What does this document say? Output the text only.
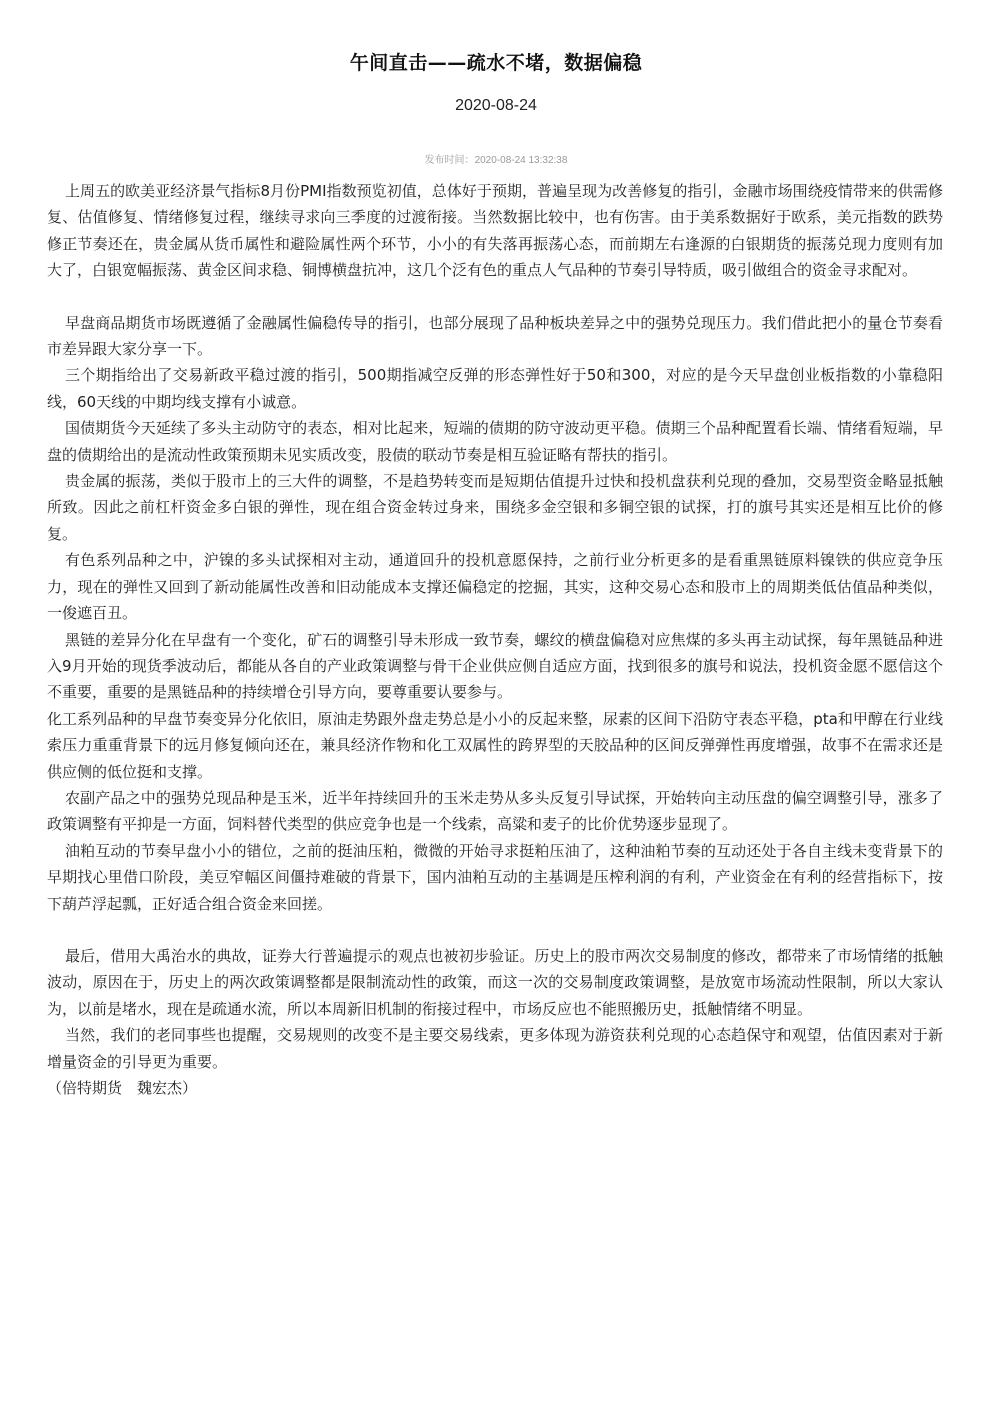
午间直击——疏水不堵，数据偏稳
2020-08-24
发布时间：2020-08-24 13:32:38

上周五的欧美亚经济景气指标8月份PMI指数预览初值，总体好于预期，普遍呈现为改善修复的指引，金融市场围绕疫情带来的供需修复、估值修复、情绪修复过程，继续寻求向三季度的过渡衔接。当然数据比较中，也有伤害。由于美系数据好于欧系，美元指数的跌势修正节奏还在，贵金属从货币属性和避险属性两个环节，小小的有失落再振荡心态，而前期左右逢源的白银期货的振荡兑现力度则有加大了，白银宽幅振荡、黄金区间求稳、铜博横盘抗冲，这几个泛有色的重点人气品种的节奏引导特质，吸引做组合的资金寻求配对。

早盘商品期货市场既遵循了金融属性偏稳传导的指引，也部分展现了品种板块差异之中的强势兑现压力。我们借此把小的量仓节奏看市差异跟大家分享一下。

三个期指给出了交易新政平稳过渡的指引，500期指减空反弹的形态弹性好于50和300，对应的是今天早盘创业板指数的小靠稳阳线，60天线的中期均线支撑有小诚意。

国债期货今天延续了多头主动防守的表态，相对比起来，短端的债期的防守波动更平稳。债期三个品种配置看长端、情绪看短端，早盘的债期给出的是流动性政策预期未见实质改变，股债的联动节奏是相互验证略有帮扶的指引。

贵金属的振荡，类似于股市上的三大件的调整，不是趋势转变而是短期估值提升过快和投机盘获利兑现的叠加，交易型资金略显抵触所致。因此之前杠杆资金多白银的弹性，现在组合资金转过身来，围绕多金空银和多铜空银的试探，打的旗号其实还是相互比价的修复。

有色系列品种之中，沪镍的多头试探相对主动，通道回升的投机意愿保持，之前行业分析更多的是看重黑链原料镍铁的供应竞争压力，现在的弹性又回到了新动能属性改善和旧动能成本支撑还偏稳定的挖掘，其实，这种交易心态和股市上的周期类低估值品种类似，一俊遮百丑。

黑链的差异分化在早盘有一个变化，矿石的调整引导未形成一致节奏，螺纹的横盘偏稳对应焦煤的多头再主动试探，每年黑链品种进入9月开始的现货季波动后，都能从各自的产业政策调整与骨干企业供应侧自适应方面，找到很多的旗号和说法，投机资金愿不愿信这个不重要，重要的是黑链品种的持续增仓引导方向，要尊重要认要参与。

化工系列品种的早盘节奏变异分化依旧，原油走势跟外盘走势总是小小的反起来整，尿素的区间下沿防守表态平稳，pta和甲醇在行业线索压力重重背景下的远月修复倾向还在，兼具经济作物和化工双属性的跨界型的天胶品种的区间反弹弹性再度增强，故事不在需求还是供应侧的低位挺和支撑。

农副产品之中的强势兑现品种是玉米，近半年持续回升的玉米走势从多头反复引导试探，开始转向主动压盘的偏空调整引导，涨多了政策调整有平抑是一方面，饲料替代类型的供应竞争也是一个线索，高粱和麦子的比价优势逐步显现了。

油粕互动的节奏早盘小小的错位，之前的挺油压粕，微微的开始寻求挺粕压油了，这种油粕节奏的互动还处于各自主线未变背景下的早期找心里借口阶段，美豆窄幅区间僵持难破的背景下，国内油粕互动的主基调是压榨利润的有利，产业资金在有利的经营指标下，按下葫芦浮起瓢，正好适合组合资金来回搓。

最后，借用大禹治水的典故，证券大行普遍提示的观点也被初步验证。历史上的股市两次交易制度的修改，都带来了市场情绪的抵触波动，原因在于，历史上的两次政策调整都是限制流动性的政策，而这一次的交易制度政策调整，是放宽市场流动性限制，所以大家认为，以前是堵水，现在是疏通水流，所以本周新旧机制的衔接过程中，市场反应也不能照搬历史，抵触情绪不明显。

当然，我们的老同事些也提醒，交易规则的改变不是主要交易线索，更多体现为游资获利兑现的心态趋保守和观望，估值因素对于新增量资金的引导更为重要。

（倍特期货　魏宏杰）
